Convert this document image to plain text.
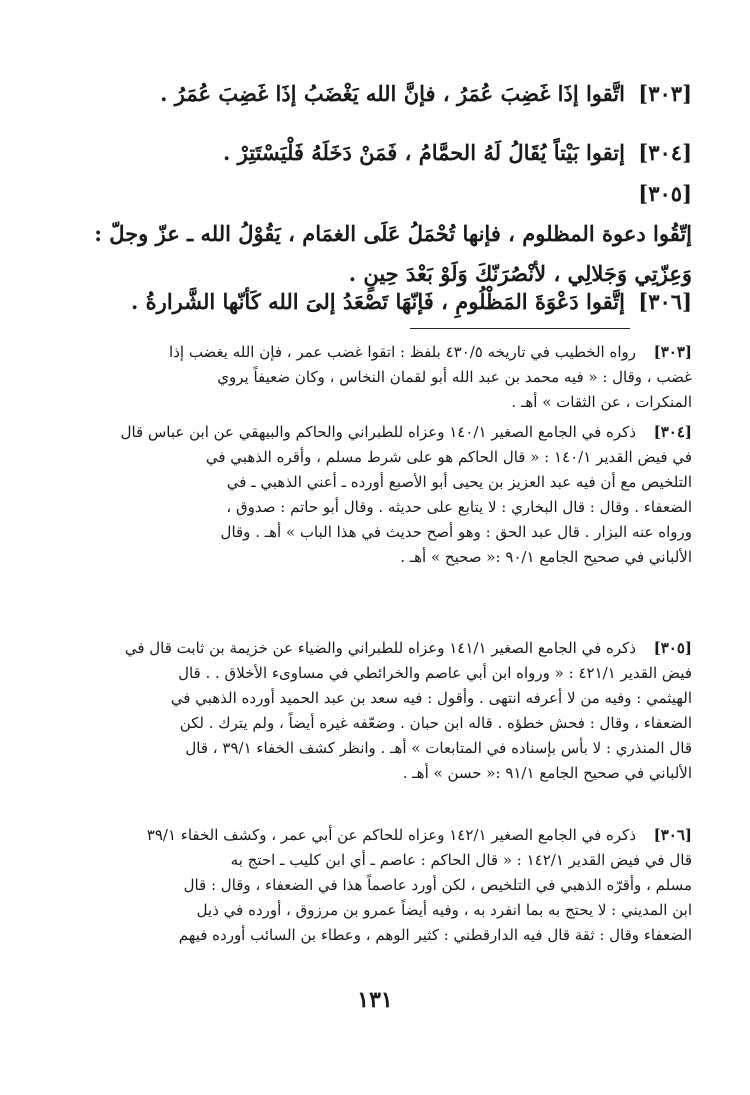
[٣٠٣] اتَّقوا إذَا غَضِبَ عُمَرُ ، فإنَّ الله يَغْضَبُ إذَا غَضِبَ عُمَرُ .
[٣٠٤] إتقوا بَيْتاً يُقَالُ لَهُ الحمَّامُ ، فَمَنْ دَخَلَهُ فَلْيَسْتَتِرْ .
[٣٠٥] إتّقُوا دعوة المظلوم ، فإنها تُحْمَلُ عَلَى الغمَام ، يَقُوْلُ الله ـ عزّ وجلّ :
وَعِزّتِي وَجَلالِي ، لأنْصُرَنّكَ وَلَوْ بَعْدَ حِينٍ .
[٣٠٦] إتَّقوا دَعْوَةَ المَظْلُومِ ، فَإنّهَا تَصْعَدُ إلىَ الله كَأنّها الشَّرارةُ .
[٣٠٣]
رواه الخطيب في تاريخه ٤٣٠/٥ بلفظ : اتقوا غضب عمر ، فإن الله يغضب إذا
غضب ، وقال : « فيه محمد بن عبد الله أبو لقمان النخاس ، وكان ضعيفاً يروي
المنكرات ، عن الثقات » أهـ .
[٣٠٤]
ذكره في الجامع الصغير ١٤٠/١ وعزاه للطبراني والحاكم والبيهقي عن ابن عباس قال
في فيض القدير ١٤٠/١ : « قال الحاكم هو على شرط مسلم ، وأقره الذهبي في
التلخيص مع أن فيه عبد العزيز بن يحيى أبو الأصبع أورده ـ أعني الذهبي ـ في
الضعفاء . وقال : قال البخاري : لا يتابع على حديثه . وقال أبو حاتم : صدوق ،
ورواه عنه البزار . قال عبد الحق : وهو أصح حديث في هذا الباب » أهـ . وقال
الألباني في صحيح الجامع ٩٠/١ :« صحيح » أهـ .
[٣٠٥]
ذكره في الجامع الصغير ١٤١/١ وعزاه للطبراني والضياء عن خزيمة بن ثابت قال في
فيض القدير ٤٢١/١ : « ورواه ابن أبي عاصم والخرائطي في مساوىء الأخلاق . . قال
الهيثمي : وفيه من لا أعرفه انتهى . وأقول : فيه سعد بن عبد الحميد أورده الذهبي في
الضعفاء ، وقال : فحش خطؤه . قاله ابن حبان . وضعّفه غيره أيضاً ، ولم يترك . لكن
قال المنذري : لا بأس بإسناده في المتابعات » أهـ . وانظر كشف الخفاء ٣٩/١ ، قال
الألباني في صحيح الجامع ٩١/١ :« حسن » أهـ .
[٣٠٦]
ذكره في الجامع الصغير ١٤٢/١ وعزاه للحاكم عن أبي عمر ، وكشف الخفاء ٣٩/١
قال في فيض القدير ١٤٢/١ : « قال الحاكم : عاصم ـ أي ابن كليب ـ احتج به
مسلم ، وأقرّه الذهبي في التلخيص ، لكن أورد عاصماً هذا في الضعفاء ، وقال : قال
ابن المديني : لا يحتج به بما انفرد به ، وفيه أيضاً عمرو بن مرزوق ، أورده في ذيل
الضعفاء وقال : ثقة قال فيه الدارقطني : كثير الوهم ، وعطاء بن السائب أورده فيهم
١٣١
